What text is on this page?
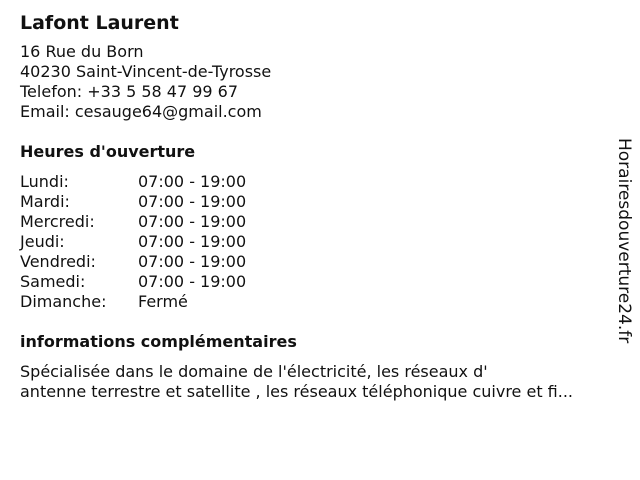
Lafont Laurent
16 Rue du Born
40230 Saint-Vincent-de-Tyrosse
Telefon: +33 5 58 47 99 67
Email: cesauge64@gmail.com
Heures d'ouverture
Lundi:	07:00 - 19:00
Mardi:	07:00 - 19:00
Mercredi:	07:00 - 19:00
Jeudi:	07:00 - 19:00
Vendredi:	07:00 - 19:00
Samedi:	07:00 - 19:00
Dimanche:	Fermé
informations complémentaires
Spécialisée dans le domaine de l'électricité, les réseaux d'
antenne terrestre et satellite , les réseaux téléphonique cuivre et fi...
Horairesdouverture24.fr
